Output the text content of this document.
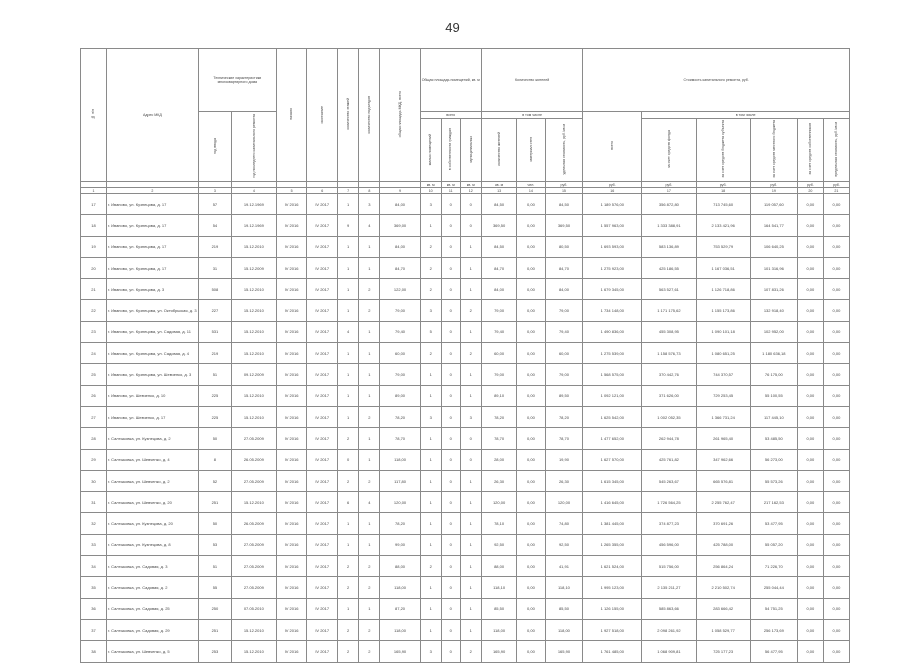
49
№ п/п	Адрес МКД	Технические характеристики многоквартирного дома		начало	окончание	количество этажей	количество подъездов	общая площадь МКД, всего	Общая площадь помещений, кв. м			Количество жителей			Стоимость капитального ремонта, руб.					
		год ввода	год последнего капитального ремонта						всего			в том числе			всего	в том числе				
									жилых помещений	в собственности граждан	муниципальных	количество жителей	материал стен	удельная стоимость, руб./кв.м		за счет средств фонда	за счет средств бюджета субъекта	за счет средств местного бюджета	за счет средств собственников	предельная стоимость, руб./кв.м
									кв. м	кв. м	кв. м	кв. м	чел.	руб.	руб.	руб.	руб.	руб.	руб.	руб.
1	2	3	4	5	6	7	8	9	10	11	12	13	14	15	16	17	18	19	20	21
17	г. Иваново, ул. Кузнецова, д. 17	57	19.12.1969	IV 2016	IV 2017	1	3	84,00	3	0	0	84,50	0,00	84,50	1 189 576,00	356 872,80	713 745,60	119 057,60	0,00	0,00
18	г. Иваново, ул. Кузнецова, д. 17	54	19.12.1969	IV 2016	IV 2017	9	4	369,00	1	0	0	369,50	0,00	369,50	1 557 963,00	1 333 388,91	2 133 421,96	164 541,77	0,00	0,00
19	г. Иваново, ул. Кузнецова, д. 17	219	15.12.2010	IV 2016	IV 2017	1	1	84,00	2	0	1	84,50	0,00	80,50	1 693 593,00	583 136,89	753 529,79	106 640,25	0,00	0,00
20	г. Иваново, ул. Кузнецова, д. 17	31	15.12.2009	IV 2016	IV 2017	1	1	84,70	2	0	1	84,70	0,00	84,70	1 275 923,00	425 186,55	1 167 036,51	101 316,96	0,00	0,00
21	г. Иваново, ул. Кузнецова, д. 3	508	15.12.2010	IV 2016	IV 2017	1	2	122,00	2	0	1	84,00	0,00	84,00	1 679 345,00	563 527,61	1 126 718,86	107 831,26	0,00	0,00
22	г. Иваново, ул. Кузнецова, ул. Октябрьская, д. 3	227	15.12.2010	IV 2016	IV 2017	1	2	79,00	3	0	2	79,00	0,00	79,00	1 734 148,00	1 171 175,62	1 155 173,86	132 918,40	0,00	0,00
23	г. Иваново, ул. Кузнецова, ул. Садовая, д. 11	531	15.12.2010	IV 2016	IV 2017	4	1	79,40	5	0	1	79,40	0,00	79,40	1 490 836,00	455 308,95	1 090 101,18	102 952,00	0,00	0,00
24	г. Иваново, ул. Кузнецова, ул. Садовая, д. 4	219	15.12.2010	IV 2016	IV 2017	1	1	60,00	2	0	2	60,00	0,00	60,00	1 275 539,00	1 158 576,73	1 080 651,25	1 180 636,18	0,00	0,00
25	г. Иваново, ул. Кузнецова, ул. Шевченко, д. 3	51	09.12.2009	IV 2016	IV 2017	1	1	79,00	1	0	1	79,00	0,00	79,00	1 568 575,00	370 442,76	744 370,57	76 175,00	0,00	0,00
26	г. Иваново, ул. Шевченко, д. 10	225	15.12.2010	IV 2016	IV 2017	1	1	89,00	1	0	1	89,10	0,00	89,50	1 092 121,00	371 626,00	729 253,45	55 100,55	0,00	0,00
27	г. Иваново, ул. Шевченко, д. 17	225	15.12.2010	IV 2016	IV 2017	1	2	78,20	3	0	3	78,20	0,00	78,20	1 625 542,00	1 002 052,35	1 366 731,24	117 445,10	0,00	0,00
28	г. Салтыковка, ул. Кузнецова, д. 2	50	27.05.2009	IV 2016	IV 2017	2	1	78,70	1	0	0	78,70	0,00	78,70	1 477 652,00	262 944,78	261 965,40	53 485,50	0,00	0,00
29	г. Салтыковка, ул. Шевченко, д. 4	8	26.05.2009	IV 2016	IV 2017	0	1	118,00	1	0	0	28,00	0,00	19,90	1 627 570,00	425 761,82	347 962,66	56 273,00	0,00	0,00
30	г. Салтыковка, ул. Шевченко, д. 2	52	27.05.2009	IV 2016	IV 2017	2	2	117,80	1	0	1	26,30	0,00	26,30	1 615 345,00	545 263,67	665 576,81	55 573,26	0,00	0,00
31	г. Салтыковка, ул. Шевченко, д. 20	251	15.12.2010	IV 2016	IV 2017	6	4	120,00	1	0	1	120,00	0,00	120,00	1 416 645,00	1 726 564,25	2 255 762,47	217 162,53	0,00	0,00
32	г. Салтыковка, ул. Кузнецова, д. 20	50	26.05.2009	IV 2016	IV 2017	1	1	78,20	1	0	1	78,10	0,00	74,80	1 381 445,00	374 877,23	370 691,26	53 477,95	0,00	0,00
33	г. Салтыковка, ул. Кузнецова, д. 8	53	27.05.2009	IV 2016	IV 2017	1	1	99,00	1	0	1	92,50	0,00	92,50	1 265 355,00	456 596,00	425 788,00	55 057,20	0,00	0,00
34	г. Салтыковка, ул. Садовая, д. 3	51	27.05.2009	IV 2016	IV 2017	2	2	88,00	2	0	1	88,00	0,00	41,91	1 621 524,00	515 756,00	256 864,24	71 226,70	0,00	0,00
35	г. Салтыковка, ул. Садовая, д. 2	55	27.05.2009	IV 2016	IV 2017	2	2	118,00	1	0	1	118,10	0,00	118,10	1 995 123,00	2 135 211,27	2 210 502,74	255 044,44	0,00	0,00
36	г. Салтыковка, ул. Садовая, д. 25	250	07.05.2010	IV 2016	IV 2017	1	1	87,20	1	0	1	85,50	0,00	85,50	1 126 155,00	585 863,66	283 666,42	54 751,25	0,00	0,00
37	г. Салтыковка, ул. Садовая, д. 29	251	15.12.2010	IV 2016	IV 2017	2	2	118,00	1	0	1	118,00	0,00	118,00	1 927 518,00	2 098 261,92	1 058 529,77	256 173,69	0,00	0,00
38	г. Салтыковка, ул. Шевченко, д. 5	253	15.12.2010	IV 2016	IV 2017	2	2	165,90	3	0	2	165,90	0,00	165,90	1 761 485,00	1 068 909,81	725 177,23	56 477,95	0,00	0,00
